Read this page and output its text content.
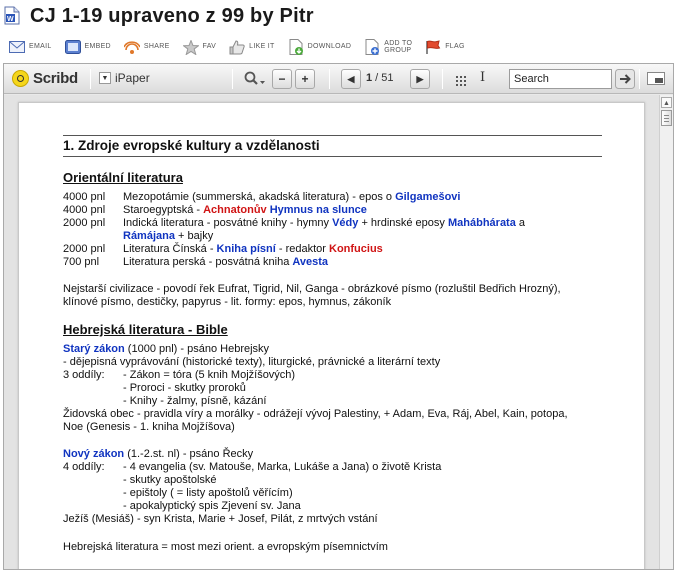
W CJ 1-19 upraveno z 99 by Pitr
EMAIL	EMBED	SHARE	FAV	LIKE IT	DOWNLOAD	ADD TO
GROUP
FLAG
Scribd	▼ iPaper	−	+	◀	1 / 51	▶	I
Search
1. Zdroje evropské kultury a vzdělanosti
Orientální literatura
4000 pnl Mezopotámie (summerská, akadská literatura) - epos o Gilgamešovi
4000 pnl Staroegyptská - Achnatonův Hymnus na slunce
2000 pnl Indická literatura - posvátné knihy - hymny Védy + hrdinské eposy Mahábhárata a
Rámájana + bajky
2000 pnl Literatura Čínská - Kniha písní - redaktor Konfucius
700 pnl Literatura perská - posvátná kniha Avesta
Nejstarší civilizace - povodí řek Eufrat, Tigrid, Nil, Ganga - obrázkové písmo (rozluštil Bedřich Hrozný),
klínové písmo, destičky, papyrus - lit. formy: epos, hymnus, zákoník
Hebrejská literatura - Bible
Starý zákon (1000 pnl) - psáno Hebrejsky
- dějepisná vyprávování (historické texty), liturgické, právnické a literární texty
3 oddíly: - Zákon = tóra (5 knih Mojžíšových)
- Proroci - skutky proroků
- Knihy - žalmy, písně, kázání
Židovská obec - pravidla víry a morálky - odrážejí vývoj Palestiny, + Adam, Eva, Ráj, Abel, Kain, potopa,
Noe (Genesis - 1. kniha Mojžíšova)
Nový zákon (1.-2.st. nl) - psáno Řecky
4 oddíly: - 4 evangelia (sv. Matouše, Marka, Lukáše a Jana) o životě Krista
- skutky apoštolské
- epištoly ( = listy apoštolů věřícím)
- apokalyptický spis Zjevení sv. Jana
Ježíš (Mesiáš) - syn Krista, Marie + Josef, Pilát, z mrtvých vstání
Hebrejská literatura = most mezi orient. a evropským písemnictvím
▲
